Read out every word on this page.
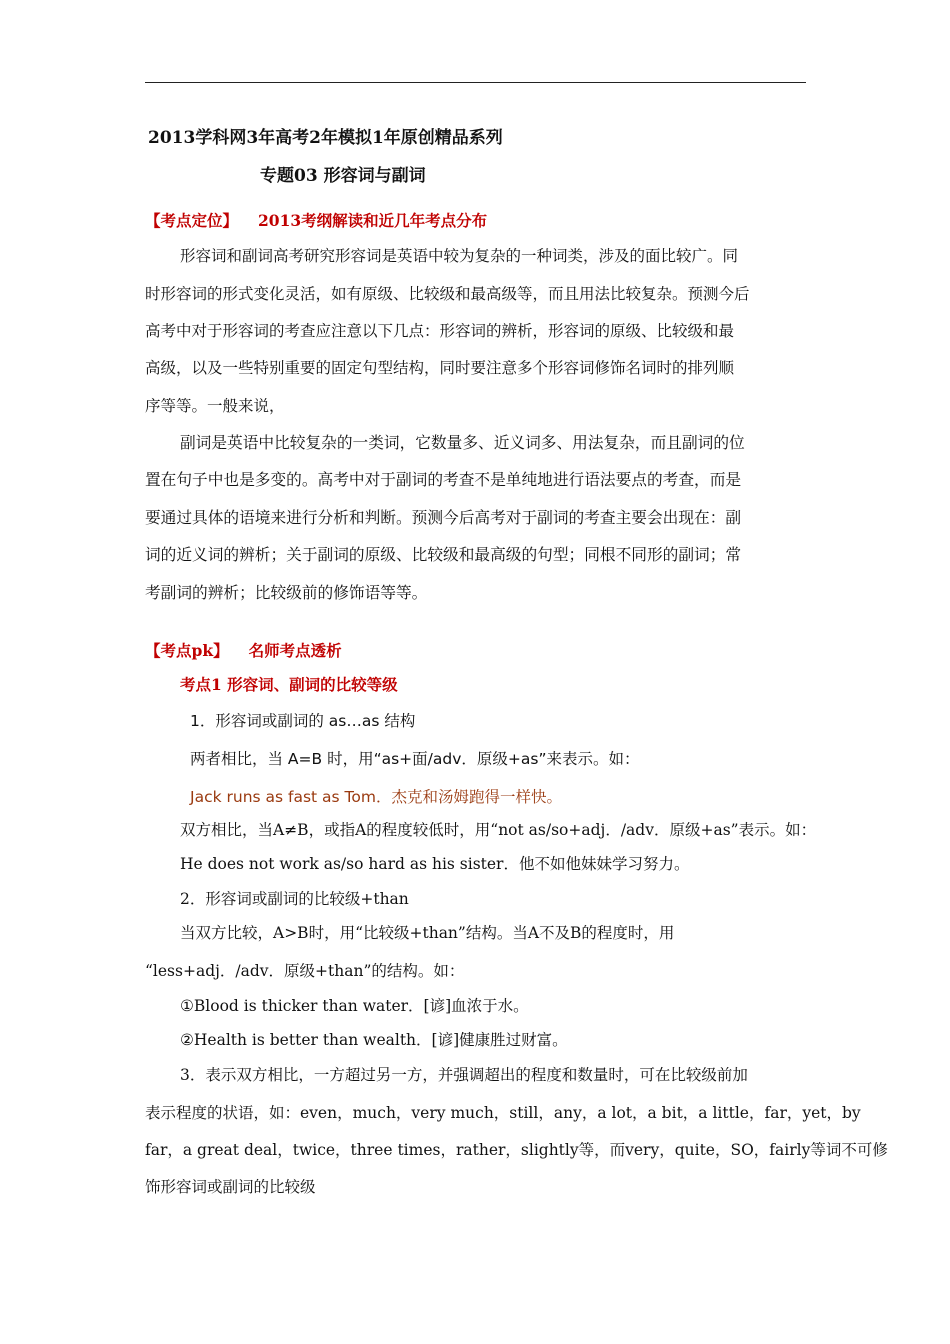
2013学科网3年高考2年模拟1年原创精品系列
专题03 形容词与副词
【考点定位】 2013考纲解读和近几年考点分布
形容词和副词高考研究形容词是英语中较为复杂的一种词类，涉及的面比较广。同
时形容词的形式变化灵活，如有原级、比较级和最高级等，而且用法比较复杂。预测今后
高考中对于形容词的考查应注意以下几点：形容词的辨析，形容词的原级、比较级和最
高级，以及一些特别重要的固定句型结构，同时要注意多个形容词修饰名词时的排列顺
序等等。一般来说，
副词是英语中比较复杂的一类词，它数量多、近义词多、用法复杂，而且副词的位
置在句子中也是多变的。高考中对于副词的考查不是单纯地进行语法要点的考查，而是
要通过具体的语境来进行分析和判断。预测今后高考对于副词的考查主要会出现在：副
词的近义词的辨析；关于副词的原级、比较级和最高级的句型；同根不同形的副词；常
考副词的辨析；比较级前的修饰语等等。
【考点pk】 名师考点透析
考点1 形容词、副词的比较等级
1．形容词或副词的 as…as 结构
两者相比，当 A=B 时，用“as+面/adv．原级+as”来表示。如：
Jack runs as fast as Tom．杰克和汤姆跑得一样快。
双方相比，当A≠B，或指A的程度较低时，用“not as/so+adj．/adv．原级+as”表示。如：
He does not work as/so hard as his sister．他不如他妹妹学习努力。
2．形容词或副词的比较级+than
当双方比较，A>B时，用“比较级+than”结构。当A不及B的程度时，用
“less+adj．/adv．原级+than”的结构。如：
①Blood is thicker than water．[谚]血浓于水。
②Health is better than wealth．[谚]健康胜过财富。
3．表示双方相比，一方超过另一方，并强调超出的程度和数量时，可在比较级前加
表示程度的状语，如：even，much，very much，still，any，a lot，a bit，a little，far，yet，by
far，a great deal，twice，three times，rather，slightly等，而very，quite，SO，fairly等词不可修
饰形容词或副词的比较级
